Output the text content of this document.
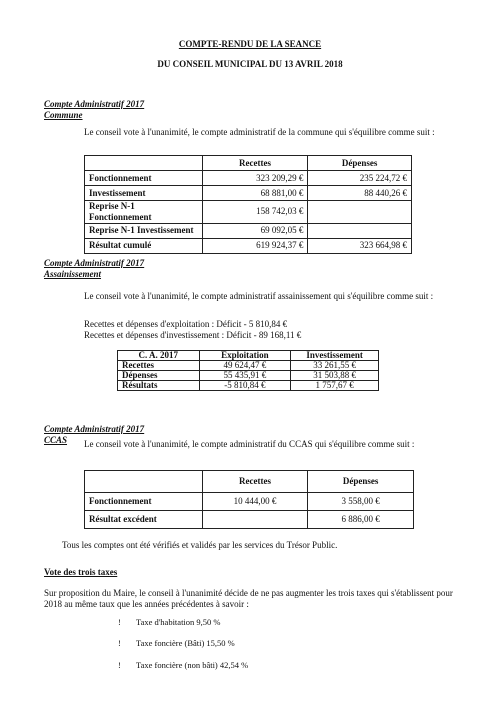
COMPTE-RENDU DE LA SEANCE
DU CONSEIL MUNICIPAL DU 13 AVRIL 2018
Compte Administratif 2017
Commune
Le conseil vote à l'unanimité, le compte administratif de la commune qui s'équilibre comme suit :
	Recettes	Dépenses
Fonctionnement	323 209,29 €	235 224,72 €
Investissement	68 881,00 €	88 440,26 €
Reprise N-1 Fonctionnement	158 742,03 €	
Reprise N-1 Investissement	69 092,05 €	
Résultat cumulé	619 924,37 €	323 664,98 €
Compte Administratif 2017
Assainissement
Le conseil vote à l'unanimité, le compte administratif assainissement qui s'équilibre comme suit :
Recettes et dépenses d'exploitation : Déficit - 5 810,84 €
Recettes et dépenses d'investissement : Déficit - 89 168,11 €
C. A. 2017	Exploitation	Investissement
Recettes	49 624,47 €	33 261,55 €
Dépenses	55 435,91 €	31 503,88 €
Résultats	-5 810,84 €	1 757,67 €
Compte Administratif 2017
CCAS	Le conseil vote à l'unanimité, le compte administratif du CCAS qui s'équilibre comme suit :
	Recettes	Dépenses
Fonctionnement	10 444,00 €	3 558,00 €
Résultat excédent		6 886,00 €
Tous les comptes ont été vérifiés et validés par les services du Trésor Public.
Vote des trois taxes
Sur proposition du Maire, le conseil à l'unanimité décide de ne pas augmenter les trois taxes qui s'établissent pour 2018 au même taux que les années précédentes à savoir :
! Taxe d'habitation 9,50 %
! Taxe foncière (Bâti) 15,50 %
! Taxe foncière (non bâti) 42,54 %
